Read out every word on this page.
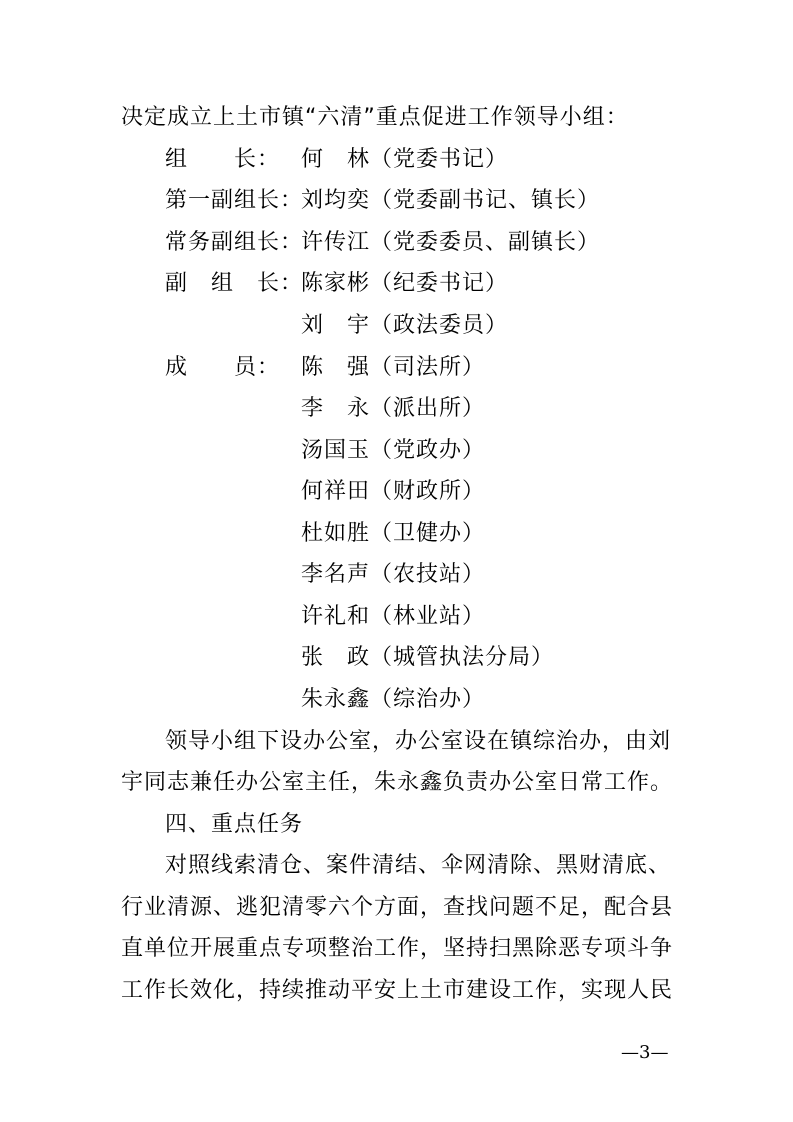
决定成立上土市镇“六清”重点促进工作领导小组：
组　　长： 何　林（党委书记）
第一副组长：
刘均奕（党委副书记、镇长）
常务副组长：
许传江（党委委员、副镇长）
副　组　长：
陈家彬（纪委书记）
刘　宇（政法委员）
成　　员： 陈　强（司法所）
李　永（派出所）
汤国玉（党政办）
何祥田（财政所）
杜如胜（卫健办）
李名声（农技站）
许礼和（林业站）
张　政（城管执法分局）
朱永鑫（综治办）
领导小组下设办公室，办公室设在镇综治办，由刘
宇同志兼任办公室主任，朱永鑫负责办公室日常工作。
四、重点任务
对照线索清仓、案件清结、伞网清除、黑财清底、
行业清源、逃犯清零六个方面，查找问题不足，配合县
直单位开展重点专项整治工作，坚持扫黑除恶专项斗争
工作长效化，持续推动平安上土市建设工作，实现人民
—3—
